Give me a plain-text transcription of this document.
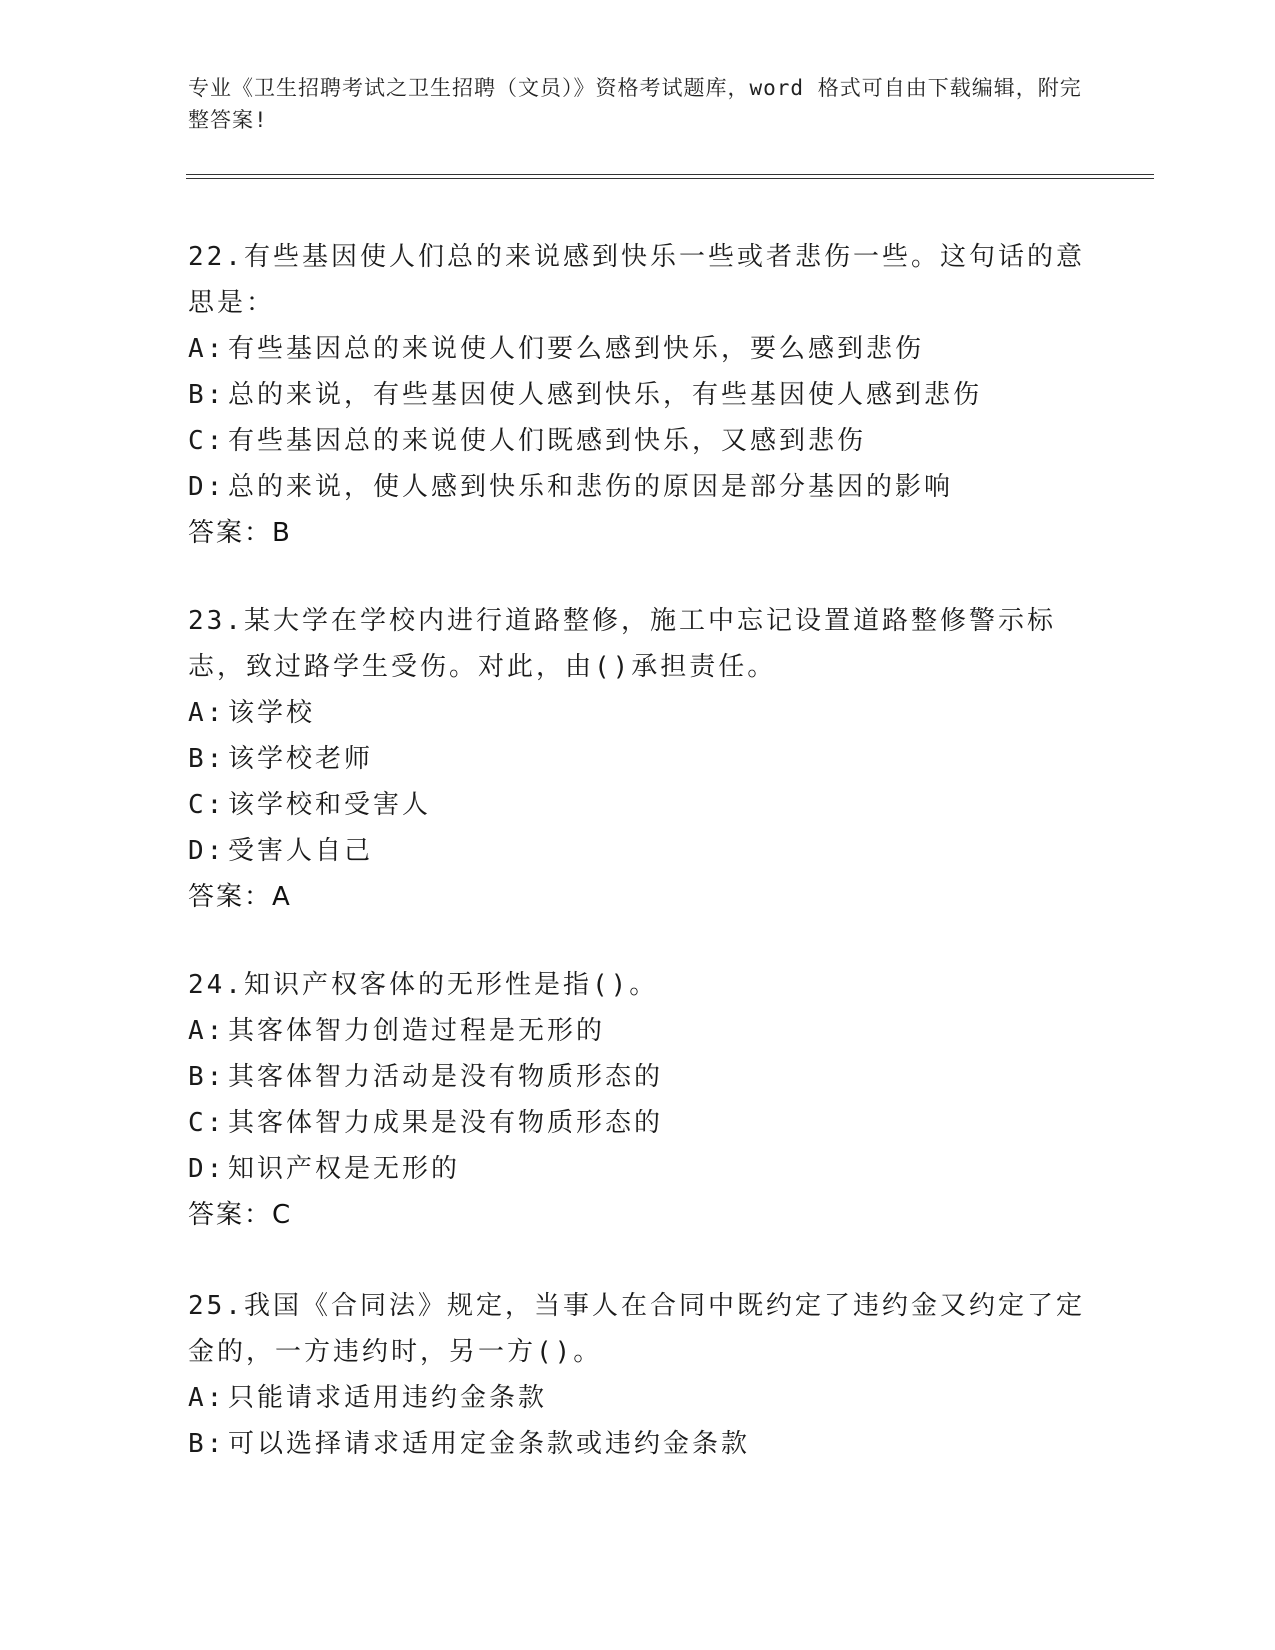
专业《卫生招聘考试之卫生招聘（文员）》资格考试题库，word 格式可自由下载编辑，附完整答案!

22.有些基因使人们总的来说感到快乐一些或者悲伤一些。这句话的意思是：

A: 有些基因总的来说使人们要么感到快乐，要么感到悲伤
B: 总的来说，有些基因使人感到快乐，有些基因使人感到悲伤
C: 有些基因总的来说使人们既感到快乐，又感到悲伤
D: 总的来说，使人感到快乐和悲伤的原因是部分基因的影响
答案：B

23.某大学在学校内进行道路整修，施工中忘记设置道路整修警示标志，致过路学生受伤。对此，由()承担责任。

A: 该学校
B: 该学校老师
C: 该学校和受害人
D: 受害人自己
答案：A

24.知识产权客体的无形性是指()。

A: 其客体智力创造过程是无形的
B: 其客体智力活动是没有物质形态的
C: 其客体智力成果是没有物质形态的
D: 知识产权是无形的
答案：C

25.我国《合同法》规定，当事人在合同中既约定了违约金又约定了定金的，一方违约时，另一方()。

A: 只能请求适用违约金条款
B: 可以选择请求适用定金条款或违约金条款
